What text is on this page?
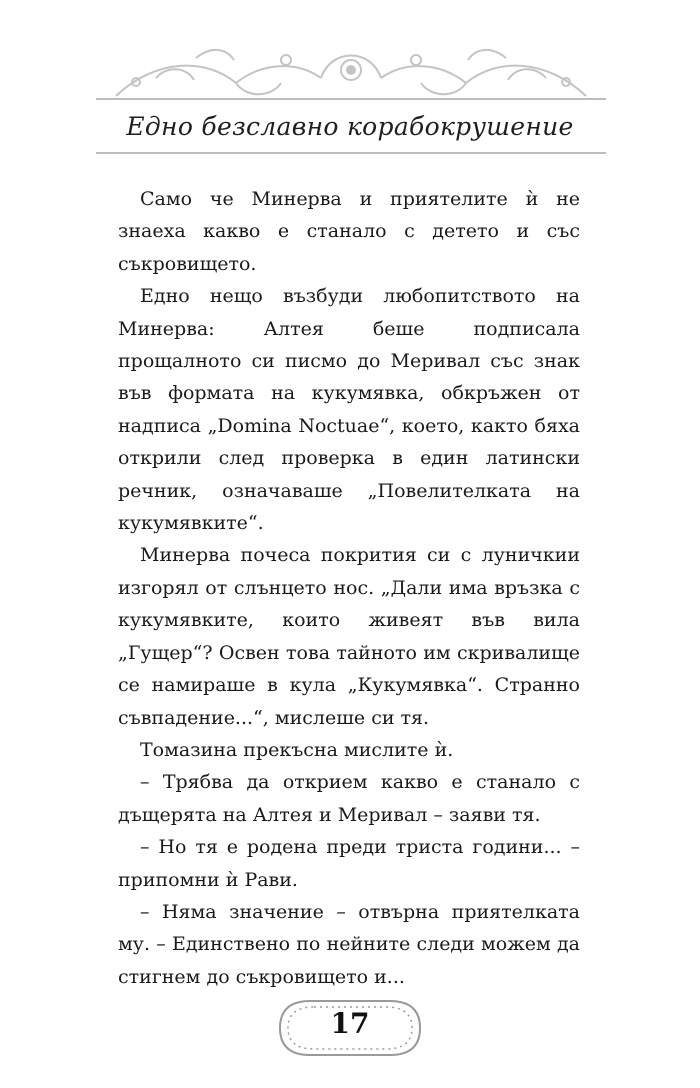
Едно безславно корабокрушение

Само че Минерва и приятелите ѝ не знаеха какво е станало с детето и със съкровището.

Едно нещо възбуди любопитството на Минерва: Алтея беше подписала прощалното си писмо до Меривал със знак във формата на кукумявка, обкръжен от надписа „Domina Noctuae“, което, както бяха открили след проверка в един латински речник, означаваше „Повелителката на кукумявките“.

Минерва почеса покрития си с луничкии изгорял от слънцето нос. „Дали има връзка с кукумявките, които живеят във вила „Гущер“? Освен това тайното им скривалище се намираше в кула „Кукумявка“. Странно съвпадение...“, мислеше си тя.

Томазина прекъсна мислите ѝ.

– Трябва да открием какво е станало с дъщерята на Алтея и Меривал – заяви тя.

– Но тя е родена преди триста години... – припомни ѝ Рави.

– Няма значение – отвърна приятелката му. – Единствено по нейните следи можем да стигнем до съкровището и...

17
